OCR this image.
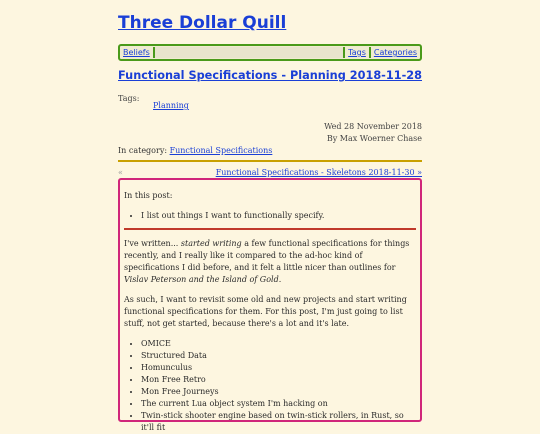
Three Dollar Quill
Beliefs	Tags	Categories
Functional Specifications - Planning 2018-11-28
Tags:
Planning
Wed 28 November 2018
By Max Woerner Chase
In category: Functional Specifications
«	Functional Specifications - Skeletons 2018-11-30 »

In this post:

• I list out things I want to functionally specify.

I've written... started writing a few functional specifications for things recently, and I really like it compared to the ad-hoc kind of specifications I did before, and it felt a little nicer than outlines for Vislav Peterson and the Island of Gold.

As such, I want to revisit some old and new projects and start writing functional specifications for them. For this post, I'm just going to list stuff, not get started, because there's a lot and it's late.

• OMICE
• Structured Data
• Homunculus
• Mon Free Retro
• Mon Free Journeys
• The current Lua object system I'm hacking on
• Twin-stick shooter engine based on twin-stick rollers, in Rust, so it'll fit
